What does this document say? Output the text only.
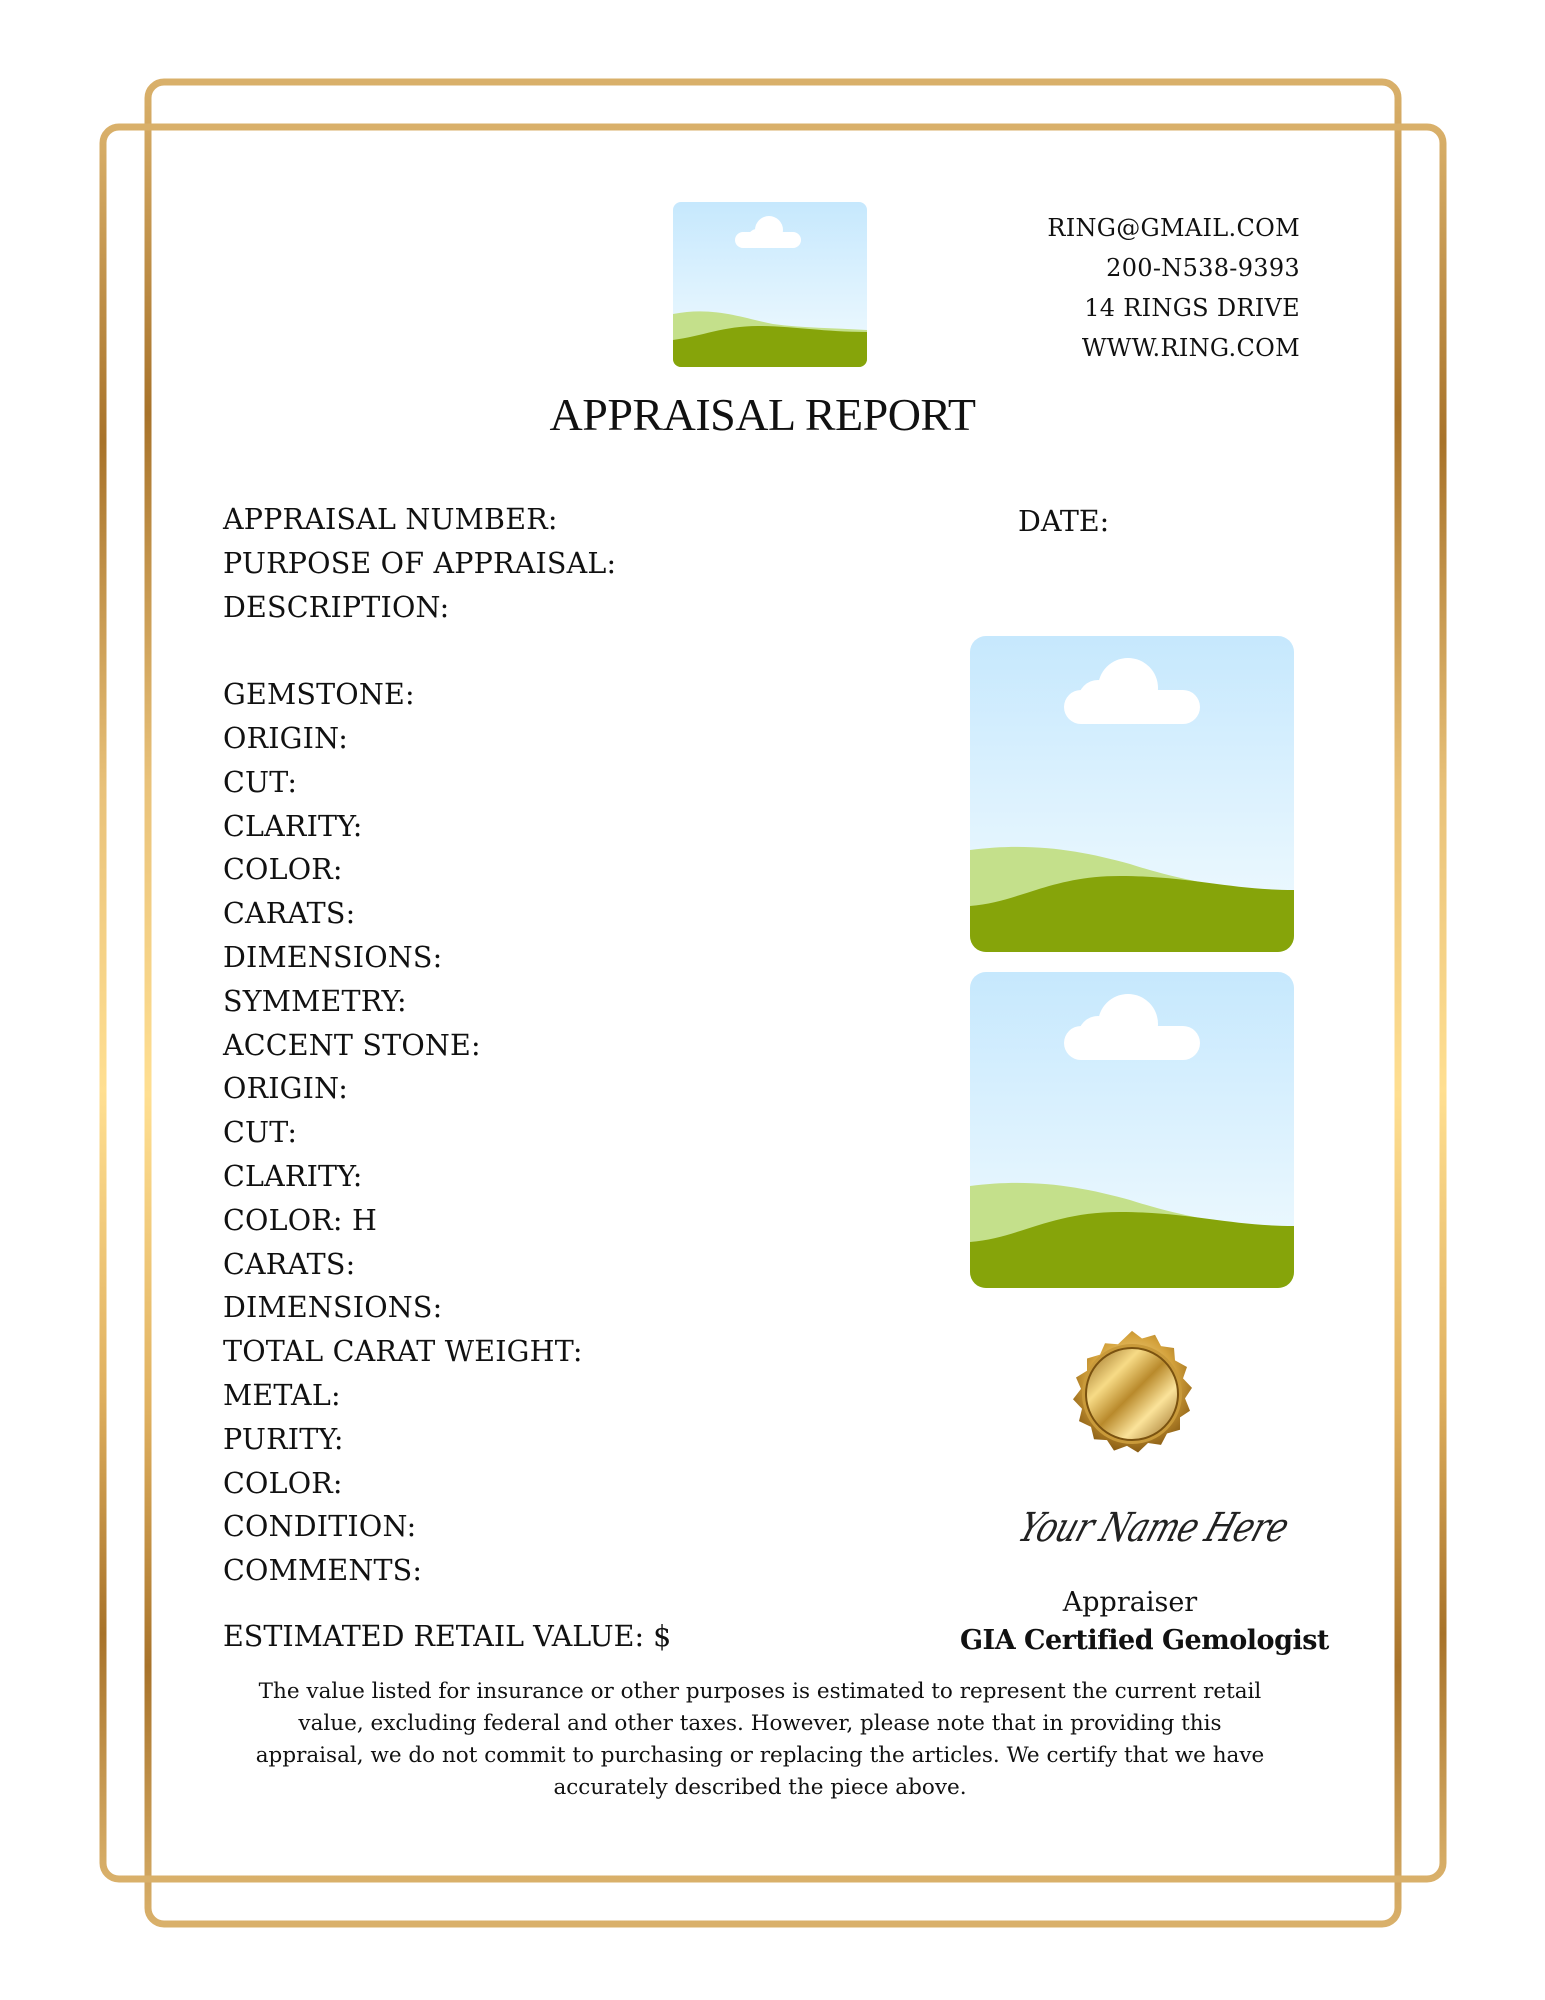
RING@GMAIL.COM
200-N538-9393
14 RINGS DRIVE
WWW.RING.COM
APPRAISAL REPORT
APPRAISAL NUMBER:
PURPOSE OF APPRAISAL:
DESCRIPTION:
GEMSTONE:
ORIGIN:
CUT:
CLARITY:
COLOR:
CARATS:
DIMENSIONS:
SYMMETRY:
ACCENT STONE:
ORIGIN:
CUT:
CLARITY:
COLOR: H
CARATS:
DIMENSIONS:
TOTAL CARAT WEIGHT:
METAL:
PURITY:
COLOR:
CONDITION:
COMMENTS:
DATE:
Your Name Here
Appraiser
GIA Certified Gemologist
ESTIMATED RETAIL VALUE: $
The value listed for insurance or other purposes is estimated to represent the current retail value, excluding federal and other taxes. However, please note that in providing this appraisal, we do not commit to purchasing or replacing the articles. We certify that we have accurately described the piece above.
